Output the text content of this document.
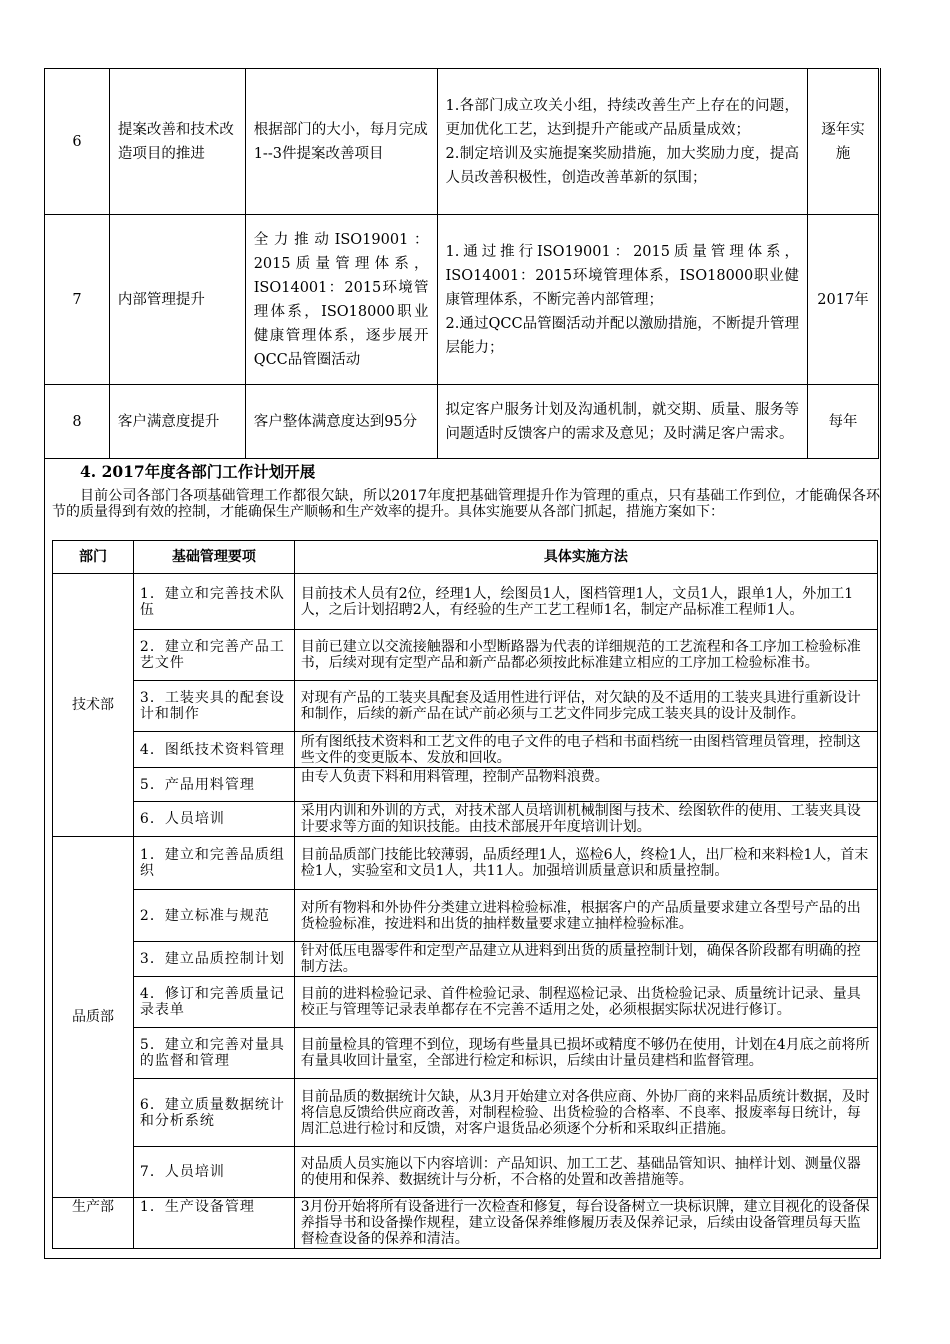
6	提案改善和技术改造项目的推进	根据部门的大小，每月完成1--3件提案改善项目	1.各部门成立攻关小组，持续改善生产上存在的问题，更加优化工艺，达到提升产能或产品质量成效；
2.制定培训及实施提案奖励措施，加大奖励力度，提高人员改善积极性，创造改善革新的氛围；	逐年实施
7	内部管理提升	全力推动ISO19001：2015质量管理体系，ISO14001：2015环境管理体系，ISO18000职业健康管理体系，逐步展开QCC品管圈活动	1.通过推行ISO19001：2015质量管理体系，ISO14001：2015环境管理体系，ISO18000职业健康管理体系，不断完善内部管理；
2.通过QCC品管圈活动并配以激励措施，不断提升管理层能力；	2017年
8	客户满意度提升	客户整体满意度达到95分	拟定客户服务计划及沟通机制，就交期、质量、服务等问题适时反馈客户的需求及意见；及时满足客户需求。	每年
4. 2017年度各部门工作计划开展
目前公司各部门各项基础管理工作都很欠缺，所以2017年度把基础管理提升作为管理的重点，只有基础工作到位，才能确保各环节的质量得到有效的控制，才能确保生产顺畅和生产效率的提升。具体实施要从各部门抓起，措施方案如下：
部门	基础管理要项	具体实施方法
技术部	1．建立和完善技术队伍	目前技术人员有2位，经理1人，绘图员1人，图档管理1人，文员1人，跟单1人，外加工1人，之后计划招聘2人，有经验的生产工艺工程师1名，制定产品标准工程师1人。
	2．建立和完善产品工艺文件	目前已建立以交流接触器和小型断路器为代表的详细规范的工艺流程和各工序加工检验标准书，后续对现有定型产品和新产品都必须按此标准建立相应的工序加工检验标准书。
	3．工装夹具的配套设计和制作	对现有产品的工装夹具配套及适用性进行评估，对欠缺的及不适用的工装夹具进行重新设计和制作，后续的新产品在试产前必须与工艺文件同步完成工装夹具的设计及制作。
	4．图纸技术资料管理	所有图纸技术资料和工艺文件的电子文件的电子档和书面档统一由图档管理员管理，控制这些文件的变更版本、发放和回收。
	5．产品用料管理	由专人负责下料和用料管理，控制产品物料浪费。
	6．人员培训	采用内训和外训的方式，对技术部人员培训机械制图与技术、绘图软件的使用、工装夹具设计要求等方面的知识技能。由技术部展开年度培训计划。
品质部	1．建立和完善品质组织	目前品质部门技能比较薄弱，品质经理1人，巡检6人，终检1人，出厂检和来料检1人，首末检1人，实验室和文员1人，共11人。加强培训质量意识和质量控制。
	2．建立标准与规范	对所有物料和外协件分类建立进料检验标准，根据客户的产品质量要求建立各型号产品的出货检验标准，按进料和出货的抽样数量要求建立抽样检验标准。
	3．建立品质控制计划	针对低压电器零件和定型产品建立从进料到出货的质量控制计划，确保各阶段都有明确的控制方法。
	4．修订和完善质量记录表单	目前的进料检验记录、首件检验记录、制程巡检记录、出货检验记录、质量统计记录、量具校正与管理等记录表单都存在不完善不适用之处，必须根据实际状况进行修订。
	5．建立和完善对量具的监督和管理	目前量检具的管理不到位，现场有些量具已损坏或精度不够仍在使用，计划在4月底之前将所有量具收回计量室，全部进行检定和标识，后续由计量员建档和监督管理。
	6．建立质量数据统计和分析系统	目前品质的数据统计欠缺，从3月开始建立对各供应商、外协厂商的来料品质统计数据，及时将信息反馈给供应商改善，对制程检验、出货检验的合格率、不良率、报废率每日统计，每周汇总进行检讨和反馈，对客户退货品必须逐个分析和采取纠正措施。
	7．人员培训	对品质人员实施以下内容培训：产品知识、加工工艺、基础品管知识、抽样计划、测量仪器的使用和保养、数据统计与分析，不合格的处置和改善措施等。
生产部	1．生产设备管理	3月份开始将所有设备进行一次检查和修复，每台设备树立一块标识牌，建立目视化的设备保养指导书和设备操作规程，建立设备保养维修履历表及保养记录，后续由设备管理员每天监督检查设备的保养和清洁。
